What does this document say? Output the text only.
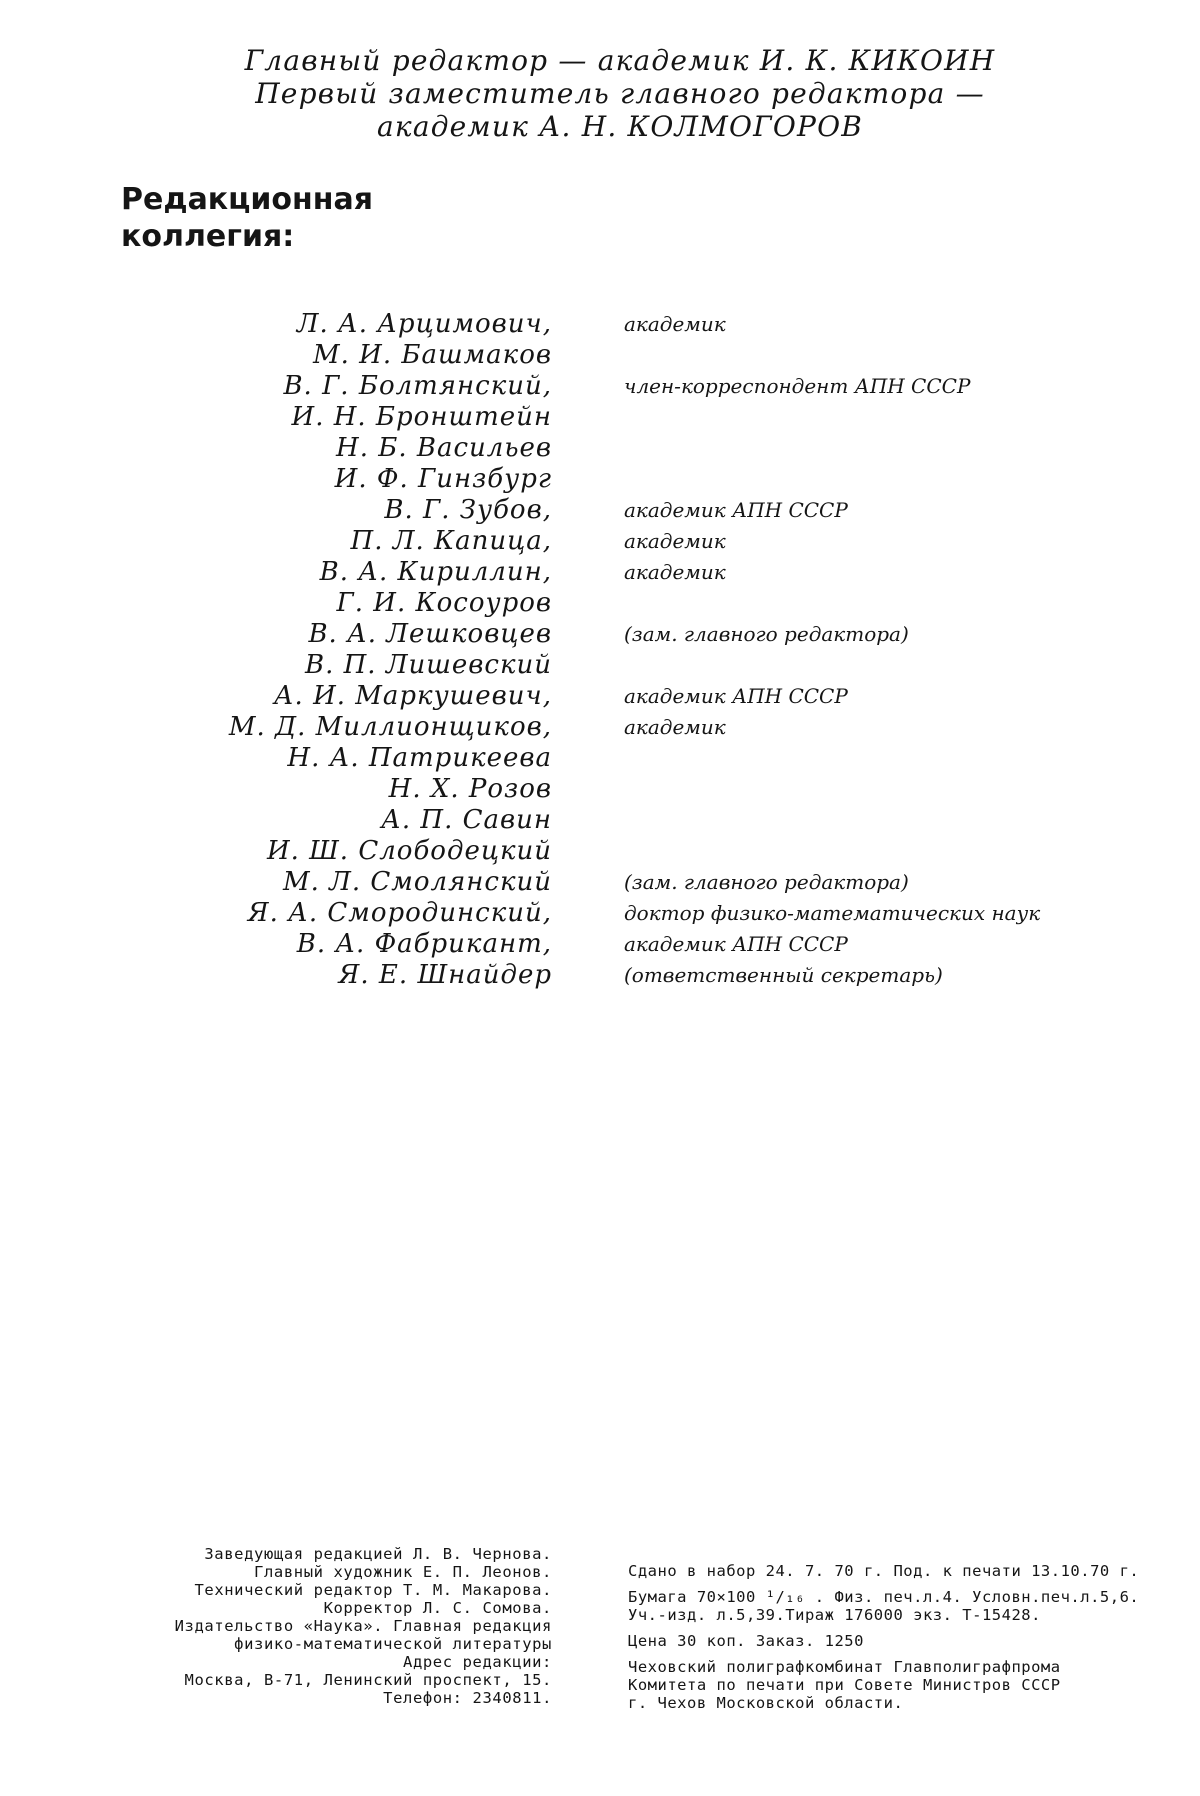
Главный редактор — академик И. К. КИКОИН
Первый заместитель главного редактора —
академик А. Н. КОЛМОГОРОВ
Редакционная
коллегия:
Л. А. Арцимович,
М. И. Башмаков
В. Г. Болтянский,
И. Н. Бронштейн
Н. Б. Васильев
И. Ф. Гинзбург
В. Г. Зубов,
П. Л. Капица,
В. А. Кириллин,
Г. И. Косоуров
В. А. Лешковцев
В. П. Лишевский
А. И. Маркушевич,
М. Д. Миллионщиков,
Н. А. Патрикеева
Н. Х. Розов
А. П. Савин
И. Ш. Слободецкий
М. Л. Смолянский
Я. А. Смородинский,
В. А. Фабрикант,
Я. Е. Шнайдер
академик
член-корреспондент АПН СССР
академик АПН СССР
академик
академик
(зам. главного редактора)
академик АПН СССР
академик
(зам. главного редактора)
доктор физико-математических наук
академик АПН СССР
(ответственный секретарь)
Заведующая редакцией Л. В. Чернова.
Главный художник Е. П. Леонов.
Технический редактор Т. М. Макарова.
Корректор Л. С. Сомова.
Издательство «Наука». Главная редакция
физико-математической литературы
Адрес редакции:
Москва, В-71, Ленинский проспект, 15.
Телефон: 2340811.
Сдано в набор 24. 7. 70 г. Под. к печати 13.10.70 г.
Бумага 70×100 ¹/₁₆ . Физ. печ.л.4. Условн.печ.л.5,6.
Уч.-изд. л.5,39.Тираж 176000 экз. Т-15428.
Цена 30 коп. Заказ. 1250
Чеховский полиграфкомбинат Главполиграфпрома
Комитета по печати при Совете Министров СССР
г. Чехов Московской области.
